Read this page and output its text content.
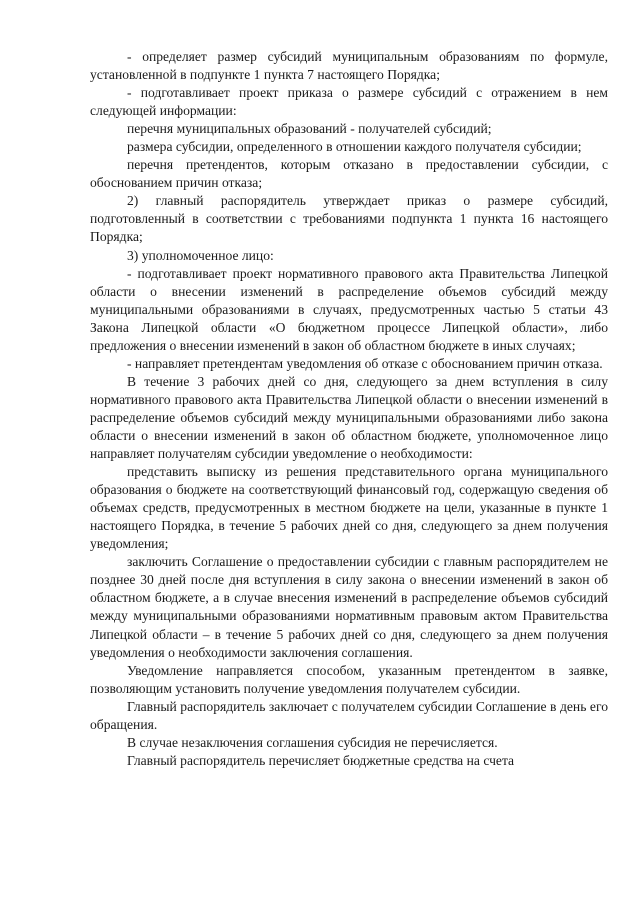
- определяет размер субсидий муниципальным образованиям по формуле, установленной в подпункте 1 пункта 7 настоящего Порядка;

- подготавливает проект приказа о размере субсидий с отражением в нем следующей информации:

перечня муниципальных образований - получателей субсидий;

размера субсидии, определенного в отношении каждого получателя субсидии;

перечня претендентов, которым отказано в предоставлении субсидии, с обоснованием причин отказа;

2) главный распорядитель утверждает приказ о размере субсидий, подготовленный в соответствии с требованиями подпункта 1 пункта 16 настоящего Порядка;

3) уполномоченное лицо:

- подготавливает проект нормативного правового акта Правительства Липецкой области о внесении изменений в распределение объемов субсидий между муниципальными образованиями в случаях, предусмотренных частью 5 статьи 43 Закона Липецкой области «О бюджетном процессе Липецкой области», либо предложения о внесении изменений в закон об областном бюджете в иных случаях;

- направляет претендентам уведомления об отказе с обоснованием причин отказа.

В течение 3 рабочих дней со дня, следующего за днем вступления в силу нормативного правового акта Правительства Липецкой области о внесении изменений в распределение объемов субсидий между муниципальными образованиями либо закона области о внесении изменений в закон об областном бюджете, уполномоченное лицо направляет получателям субсидии уведомление о необходимости:

представить выписку из решения представительного органа муниципального образования о бюджете на соответствующий финансовый год, содержащую сведения об объемах средств, предусмотренных в местном бюджете на цели, указанные в пункте 1 настоящего Порядка, в течение 5 рабочих дней со дня, следующего за днем получения уведомления;

заключить Соглашение о предоставлении субсидии с главным распорядителем не позднее 30 дней после дня вступления в силу закона о внесении изменений в закон об областном бюджете, а в случае внесения изменений в распределение объемов субсидий между муниципальными образованиями нормативным правовым актом Правительства Липецкой области – в течение 5 рабочих дней со дня, следующего за днем получения уведомления о необходимости заключения соглашения.

Уведомление направляется способом, указанным претендентом в заявке, позволяющим установить получение уведомления получателем субсидии.

Главный распорядитель заключает с получателем субсидии Соглашение в день его обращения.

В случае незаключения соглашения субсидия не перечисляется.

Главный распорядитель перечисляет бюджетные средства на счета
